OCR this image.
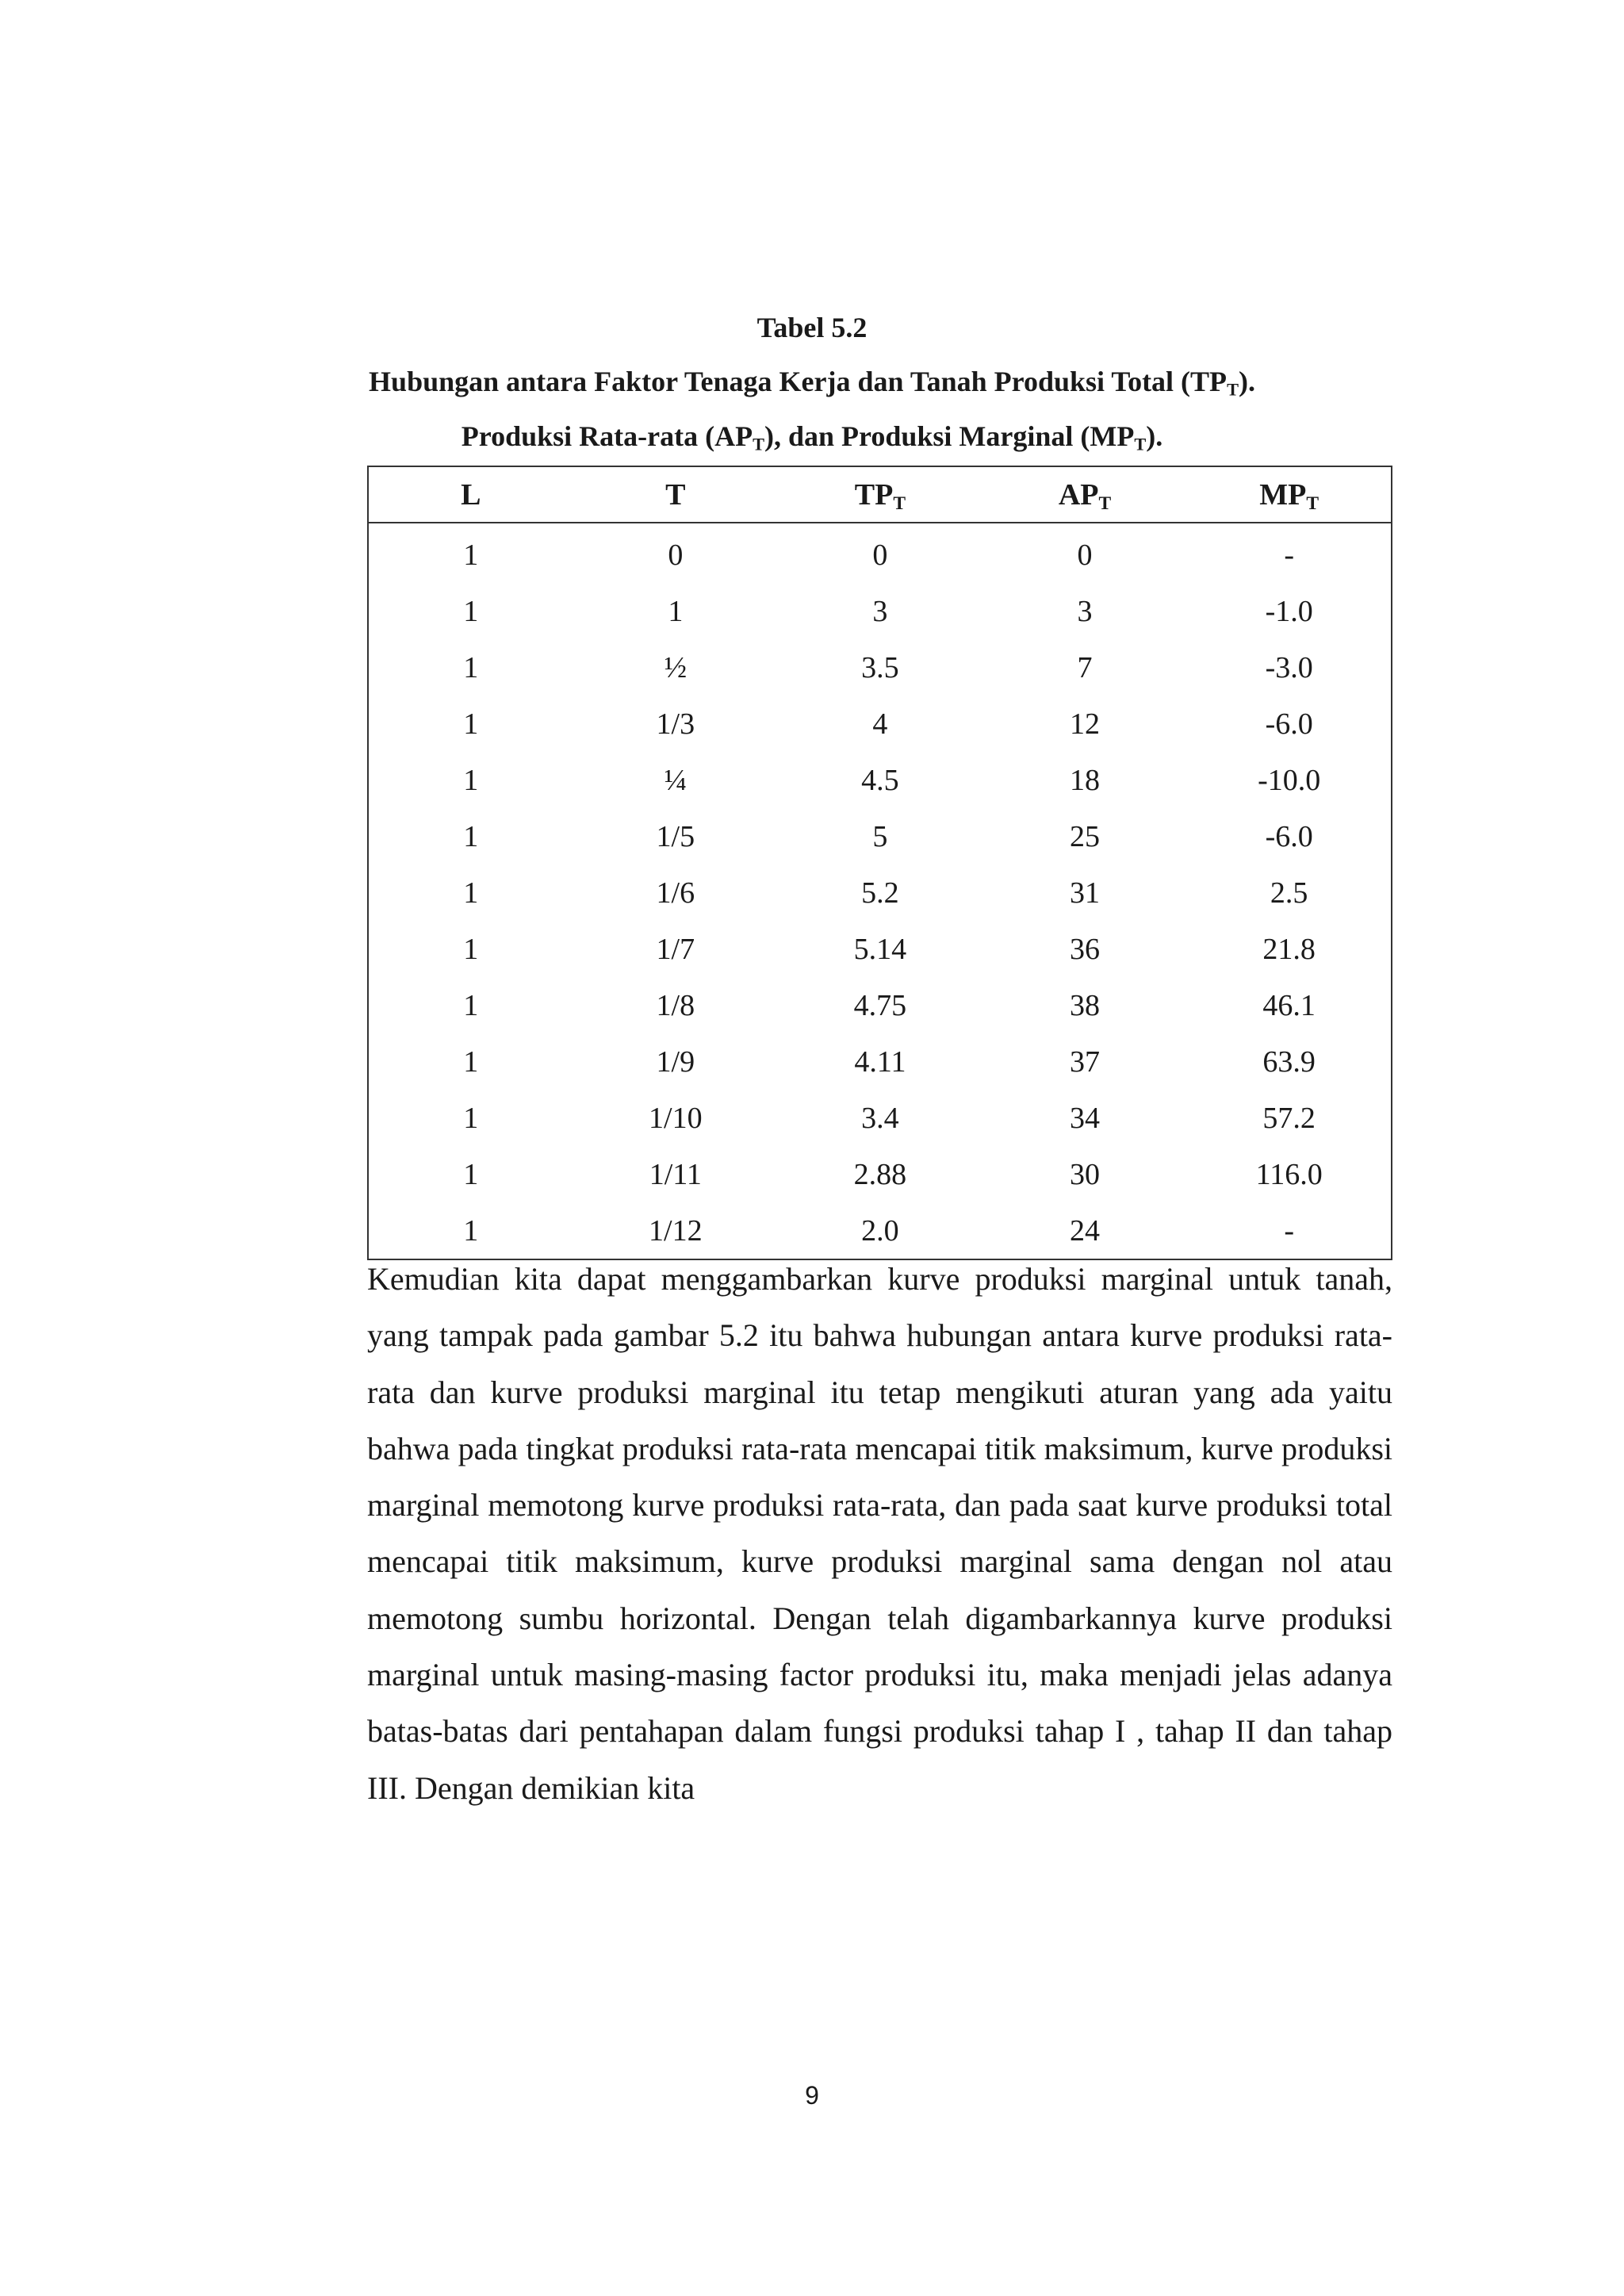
Tabel 5.2
Hubungan antara Faktor Tenaga Kerja dan Tanah Produksi Total $(TP_T)$.
Produksi Rata-rata $(AP_T)$, dan Produksi Marginal $(MP_T)$.
L	T	$TP_T$	$AP_T$	$MP_T$
1	0	0	0	-
1	1	3	3	-1.0
1	½	3.5	7	-3.0
1	1/3	4	12	-6.0
1	¼	4.5	18	-10.0
1	1/5	5	25	-6.0
1	1/6	5.2	31	2.5
1	1/7	5.14	36	21.8
1	1/8	4.75	38	46.1
1	1/9	4.11	37	63.9
1	1/10	3.4	34	57.2
1	1/11	2.88	30	116.0
1	1/12	2.0	24	-

Kemudian kita dapat menggambarkan kurve produksi marginal untuk tanah, yang tampak pada gambar 5.2 itu bahwa hubungan antara kurve produksi rata-rata dan kurve produksi marginal itu tetap mengikuti aturan yang ada yaitu bahwa pada tingkat produksi rata-rata mencapai titik maksimum, kurve produksi marginal memotong kurve produksi rata-rata, dan pada saat kurve produksi total mencapai titik maksimum, kurve produksi marginal sama dengan nol atau memotong sumbu horizontal. Dengan telah digambarkannya kurve produksi marginal untuk masing-masing factor produksi itu, maka menjadi jelas adanya batas-batas dari pentahapan dalam fungsi produksi tahap I , tahap II dan tahap III. Dengan demikian kita

9
